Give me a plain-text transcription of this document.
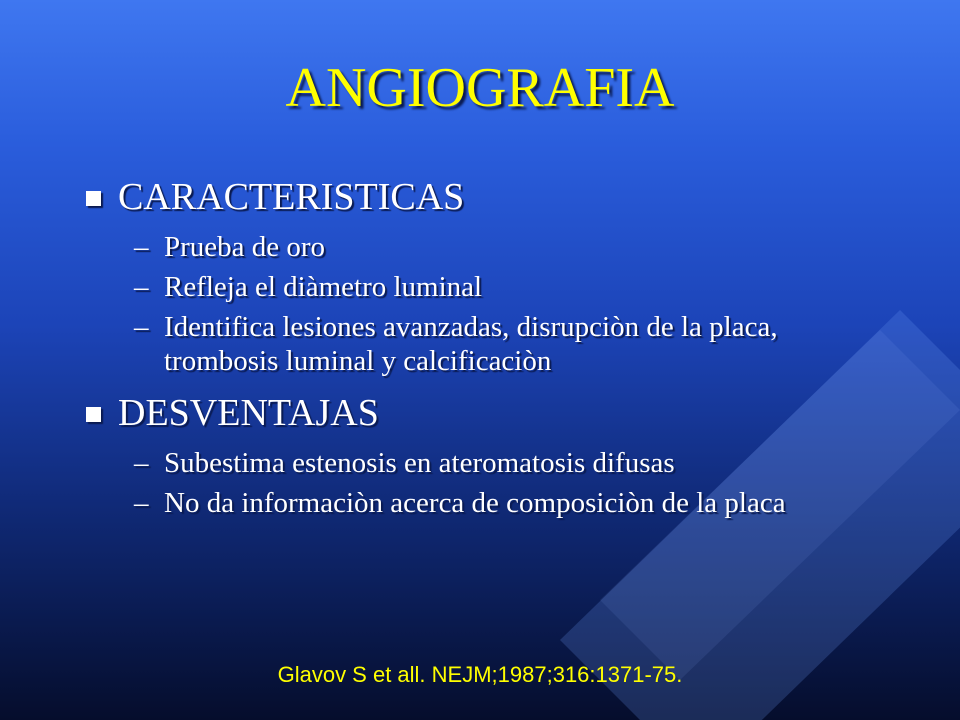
ANGIOGRAFIA
CARACTERISTICAS
– Prueba de oro
– Refleja el diàmetro luminal
– Identifica lesiones avanzadas, disrupciòn de la placa, trombosis luminal y calcificaciòn
DESVENTAJAS
– Subestima estenosis en ateromatosis difusas
– No da informaciòn acerca de composiciòn de la placa
Glavov S et all. NEJM;1987;316:1371-75.
